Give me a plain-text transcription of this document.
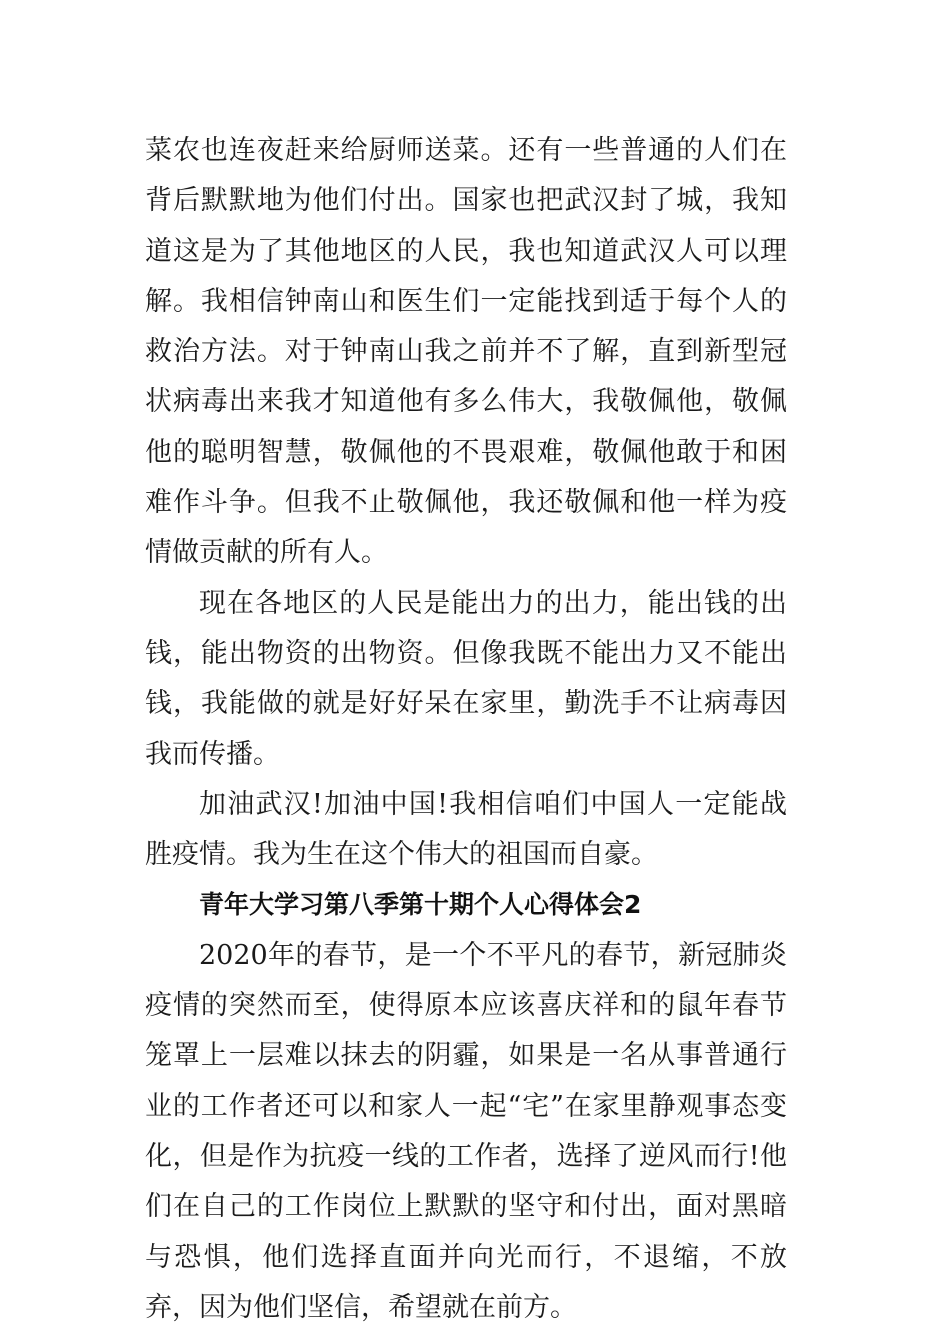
菜农也连夜赶来给厨师送菜。还有一些普通的人们在背后默默地为他们付出。国家也把武汉封了城，我知道这是为了其他地区的人民，我也知道武汉人可以理解。我相信钟南山和医生们一定能找到适于每个人的救治方法。对于钟南山我之前并不了解，直到新型冠状病毒出来我才知道他有多么伟大，我敬佩他，敬佩他的聪明智慧，敬佩他的不畏艰难，敬佩他敢于和困难作斗争。但我不止敬佩他，我还敬佩和他一样为疫情做贡献的所有人。

现在各地区的人民是能出力的出力，能出钱的出钱，能出物资的出物资。但像我既不能出力又不能出钱，我能做的就是好好呆在家里，勤洗手不让病毒因我而传播。

加油武汉!加油中国!我相信咱们中国人一定能战胜疫情。我为生在这个伟大的祖国而自豪。

青年大学习第八季第十期个人心得体会2

2020年的春节，是一个不平凡的春节，新冠肺炎疫情的突然而至，使得原本应该喜庆祥和的鼠年春节笼罩上一层难以抹去的阴霾，如果是一名从事普通行业的工作者还可以和家人一起“宅”在家里静观事态变化，但是作为抗疫一线的工作者，选择了逆风而行!他们在自己的工作岗位上默默的坚守和付出，面对黑暗与恐惧，他们选择直面并向光而行，不退缩，不放弃，因为他们坚信，希望就在前方。
